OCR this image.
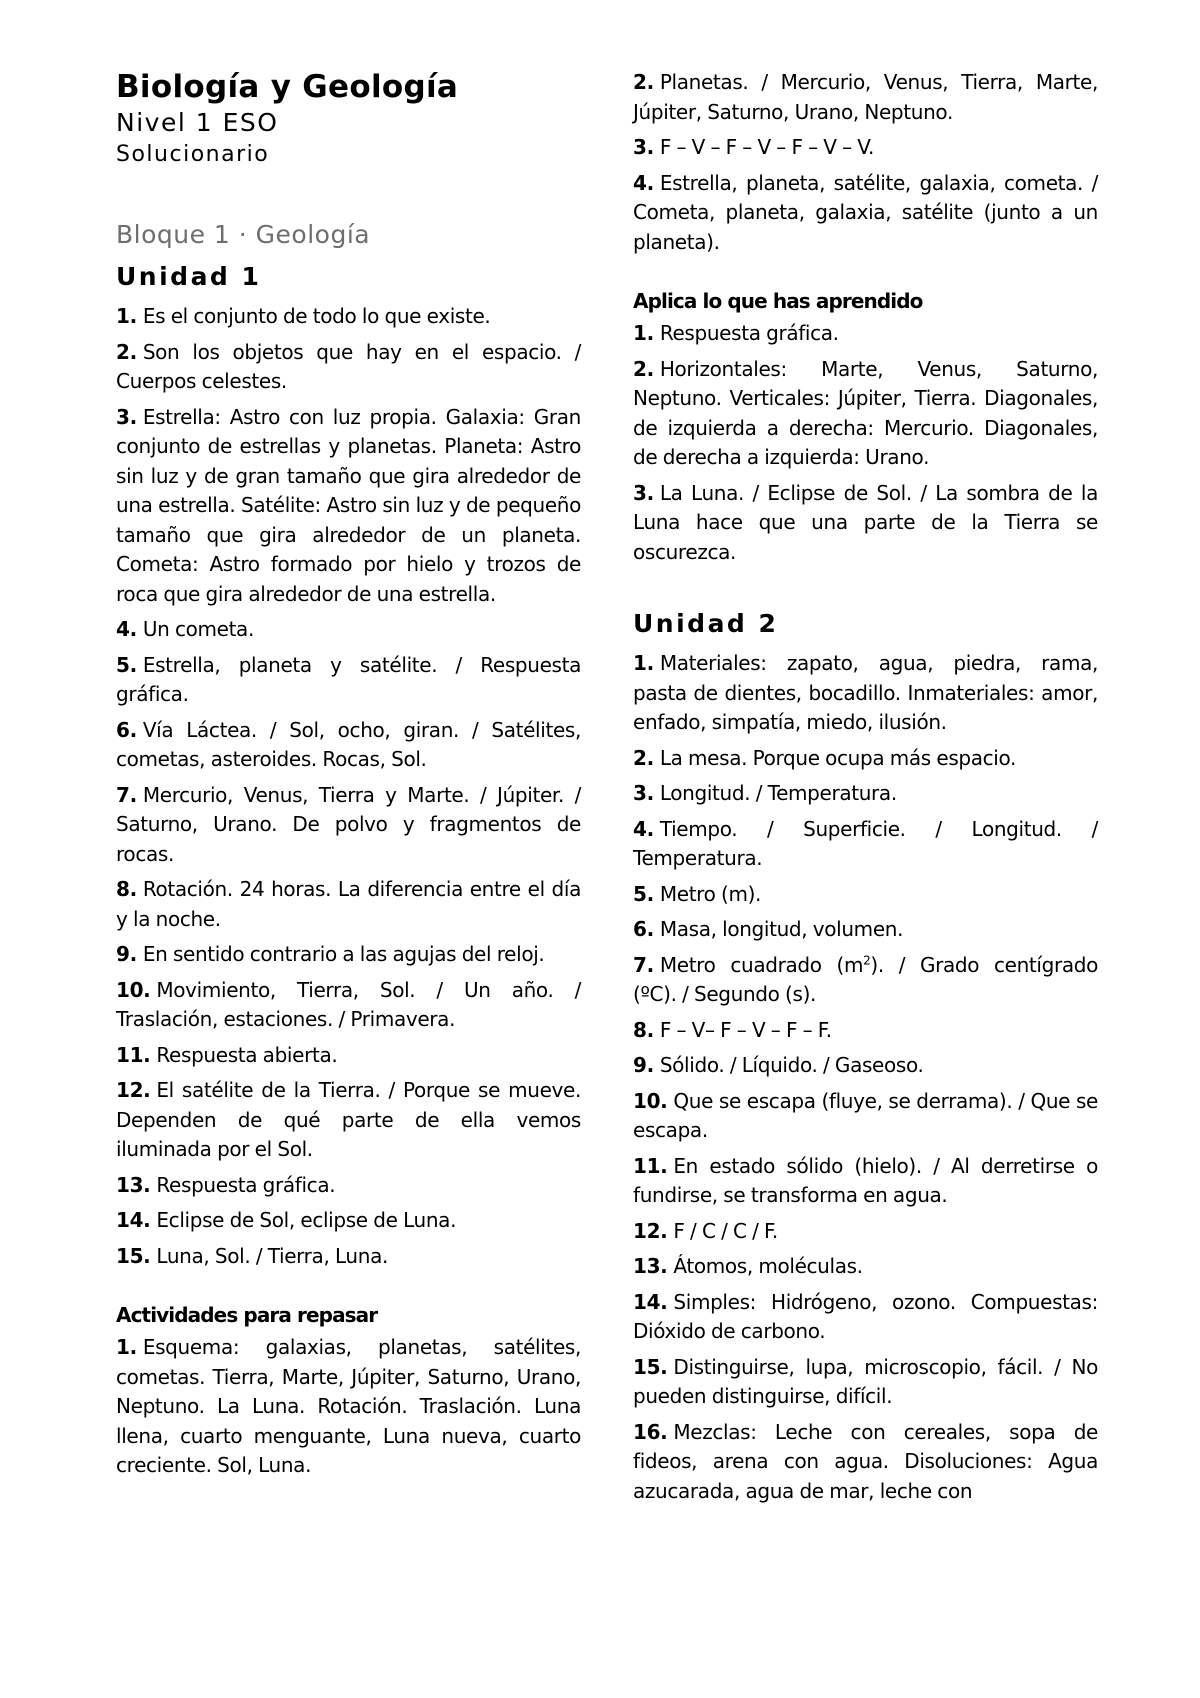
Biología y Geología
Nivel 1 ESO
Solucionario
Bloque 1 · Geología
Unidad 1

1. Es el conjunto de todo lo que existe.

2. Son los objetos que hay en el espacio. / Cuerpos celestes.

3. Estrella: Astro con luz propia. Galaxia: Gran conjunto de estrellas y planetas. Planeta: Astro sin luz y de gran tamaño que gira alrededor de una estrella. Satélite: Astro sin luz y de pequeño tamaño que gira alrededor de un planeta. Cometa: Astro formado por hielo y trozos de roca que gira alrededor de una estrella.

4. Un cometa.

5. Estrella, planeta y satélite. / Respuesta gráfica.

6. Vía Láctea. / Sol, ocho, giran. / Satélites, cometas, asteroides. Rocas, Sol.

7. Mercurio, Venus, Tierra y Marte. / Júpiter. / Saturno, Urano. De polvo y fragmentos de rocas.

8. Rotación. 24 horas. La diferencia entre el día y la noche.

9. En sentido contrario a las agujas del reloj.

10. Movimiento, Tierra, Sol. / Un año. / Traslación, estaciones. / Primavera.

11. Respuesta abierta.

12. El satélite de la Tierra. / Porque se mueve. Dependen de qué parte de ella vemos iluminada por el Sol.

13. Respuesta gráfica.

14. Eclipse de Sol, eclipse de Luna.

15. Luna, Sol. / Tierra, Luna.

Actividades para repasar

1. Esquema: galaxias, planetas, satélites, cometas. Tierra, Marte, Júpiter, Saturno, Urano, Neptuno. La Luna. Rotación. Traslación. Luna llena, cuarto menguante, Luna nueva, cuarto creciente. Sol, Luna.

2. Planetas. / Mercurio, Venus, Tierra, Marte, Júpiter, Saturno, Urano, Neptuno.

3. F – V – F – V – F – V – V.

4. Estrella, planeta, satélite, galaxia, cometa. / Cometa, planeta, galaxia, satélite (junto a un planeta).

Aplica lo que has aprendido

1. Respuesta gráfica.

2. Horizontales: Marte, Venus, Saturno, Neptuno. Verticales: Júpiter, Tierra. Diagonales, de izquierda a derecha: Mercurio. Diagonales, de derecha a izquierda: Urano.

3. La Luna. / Eclipse de Sol. / La sombra de la Luna hace que una parte de la Tierra se oscurezca.

Unidad 2

1. Materiales: zapato, agua, piedra, rama, pasta de dientes, bocadillo. Inmateriales: amor, enfado, simpatía, miedo, ilusión.

2. La mesa. Porque ocupa más espacio.

3. Longitud. / Temperatura.

4. Tiempo. / Superficie. / Longitud. / Temperatura.

5. Metro (m).

6. Masa, longitud, volumen.

7. Metro cuadrado $(m^2)$. / Grado centígrado (ºC). / Segundo (s).

8. F – V– F – V – F – F.

9. Sólido. / Líquido. / Gaseoso.

10. Que se escapa (fluye, se derrama). / Que se escapa.

11. En estado sólido (hielo). / Al derretirse o fundirse, se transforma en agua.

12. F / C / C / F.

13. Átomos, moléculas.

14. Simples: Hidrógeno, ozono. Compuestas: Dióxido de carbono.

15. Distinguirse, lupa, microscopio, fácil. / No pueden distinguirse, difícil.

16. Mezclas: Leche con cereales, sopa de fideos, arena con agua. Disoluciones: Agua azucarada, agua de mar, leche con
